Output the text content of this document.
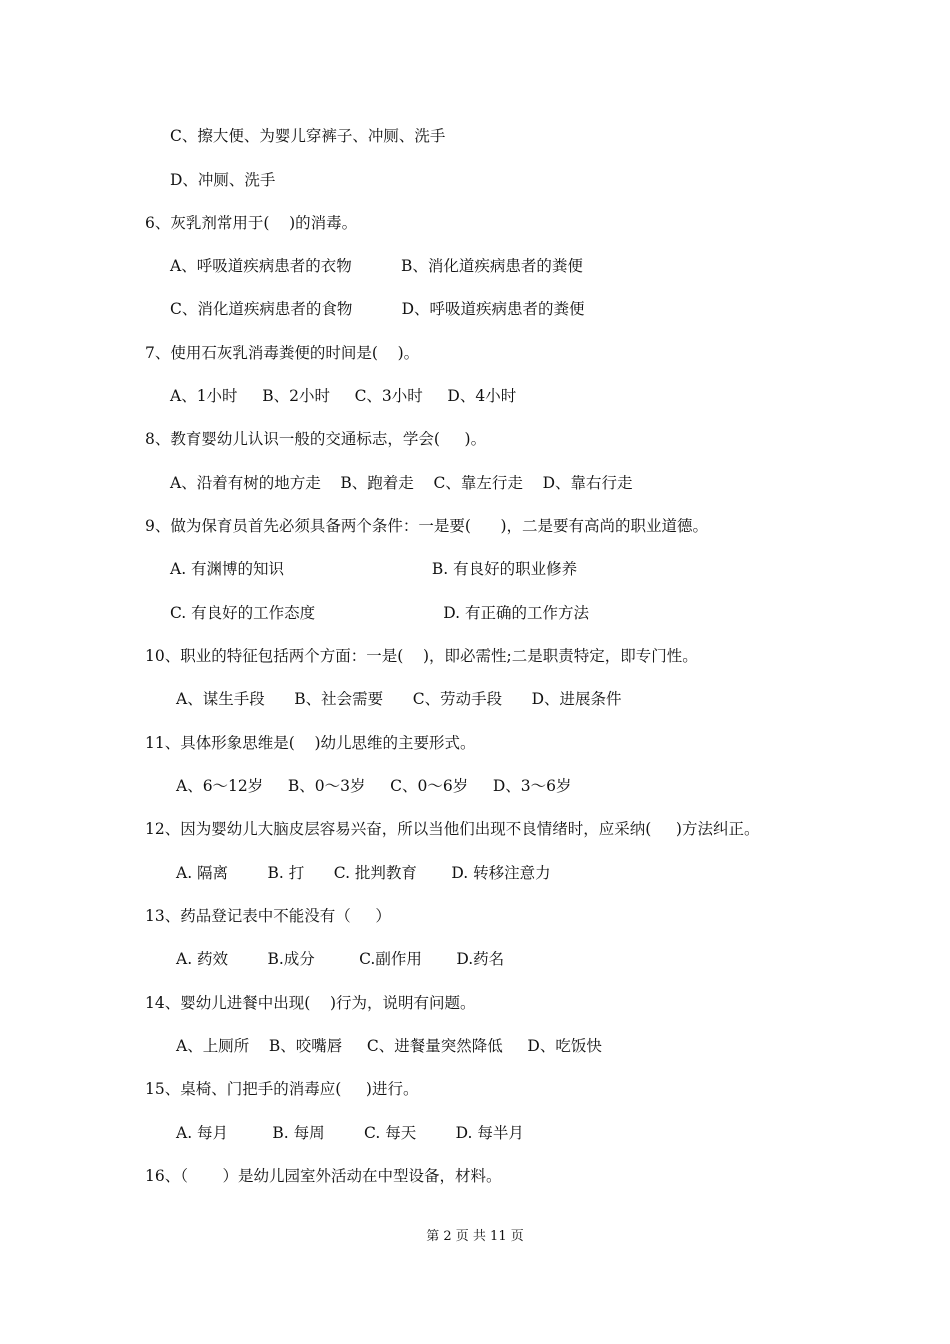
C、擦大便、为婴儿穿裤子、冲厕、洗手
D、冲厕、洗手
6、灰乳剂常用于(    )的消毒。
A、呼吸道疾病患者的衣物          B、消化道疾病患者的粪便
C、消化道疾病患者的食物          D、呼吸道疾病患者的粪便
7、使用石灰乳消毒粪便的时间是(    )。
A、1小时     B、2小时     C、3小时     D、4小时
8、教育婴幼儿认识一般的交通标志，学会(     )。
A、沿着有树的地方走    B、跑着走    C、靠左行走    D、靠右行走
9、做为保育员首先必须具备两个条件：一是要(      )，二是要有高尚的职业道德。
A. 有渊博的知识                              B. 有良好的职业修养
C. 有良好的工作态度                          D. 有正确的工作方法
10、职业的特征包括两个方面：一是(    )，即必需性;二是职责特定，即专门性。
A、谋生手段      B、社会需要      C、劳动手段      D、进展条件
11、具体形象思维是(    )幼儿思维的主要形式。
A、6～12岁     B、0～3岁     C、0～6岁     D、3～6岁
12、因为婴幼儿大脑皮层容易兴奋，所以当他们出现不良情绪时，应采纳(     )方法纠正。
A. 隔离        B. 打      C. 批判教育       D. 转移注意力
13、药品登记表中不能没有（     ）
A. 药效        B.成分         C.副作用       D.药名
14、婴幼儿进餐中出现(    )行为，说明有问题。
A、上厕所    B、咬嘴唇     C、进餐量突然降低     D、吃饭快
15、桌椅、门把手的消毒应(     )进行。
A. 每月         B. 每周        C. 每天        D. 每半月
16、（       ）是幼儿园室外活动在中型设备，材料。
第 2 页 共 11 页
